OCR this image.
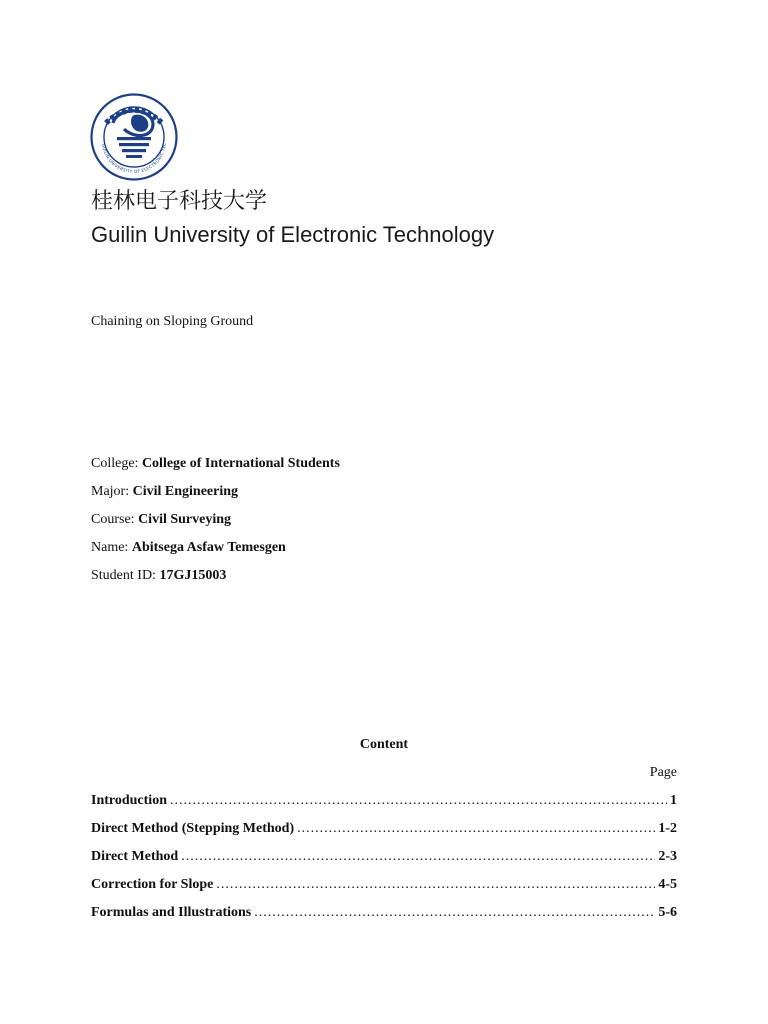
GUILIN UNIVERSITY OF ELECTRONIC TEC
桂林电子科技大学
Guilin University of Electronic Technology
Chaining on Sloping Ground
College: College of International Students
Major: Civil Engineering
Course: Civil Surveying
Name: Abitsega Asfaw Temesgen
Student ID: 17GJ15003
Content
Page
Introduction .....	1
Direct Method (Stepping Method) .....	1-2
Direct Method .....	2-3
Correction for Slope .....	4-5
Formulas and Illustrations .....	5-6
